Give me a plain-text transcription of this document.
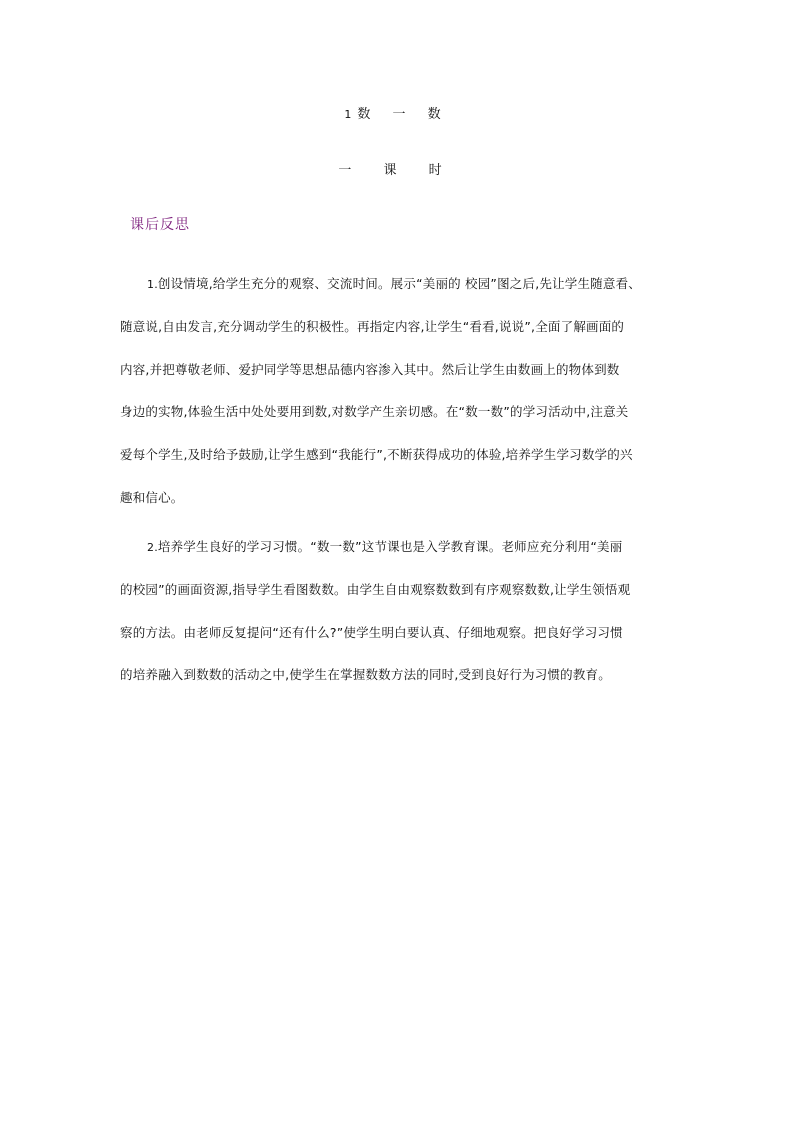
1 数 一 数
一 课 时
课后反思
1.创设情境,给学生充分的观察、交流时间。展示“美丽的 校园”图之后,先让学生随意看、
随意说,自由发言,充分调动学生的积极性。再指定内容,让学生“看看,说说”,全面了解画面的
内容,并把尊敬老师、爱护同学等思想品德内容渗入其中。然后让学生由数画上的物体到数
身边的实物,体验生活中处处要用到数,对数学产生亲切感。在“数一数”的学习活动中,注意关
爱每个学生,及时给予鼓励,让学生感到“我能行”,不断获得成功的体验,培养学生学习数学的兴
趣和信心。
2.培养学生良好的学习习惯。“数一数”这节课也是入学教育课。老师应充分利用“美丽
的校园”的画面资源,指导学生看图数数。由学生自由观察数数到有序观察数数,让学生领悟观
察的方法。由老师反复提问“还有什么?”使学生明白要认真、仔细地观察。把良好学习习惯
的培养融入到数数的活动之中,使学生在掌握数数方法的同时,受到良好行为习惯的教育。
